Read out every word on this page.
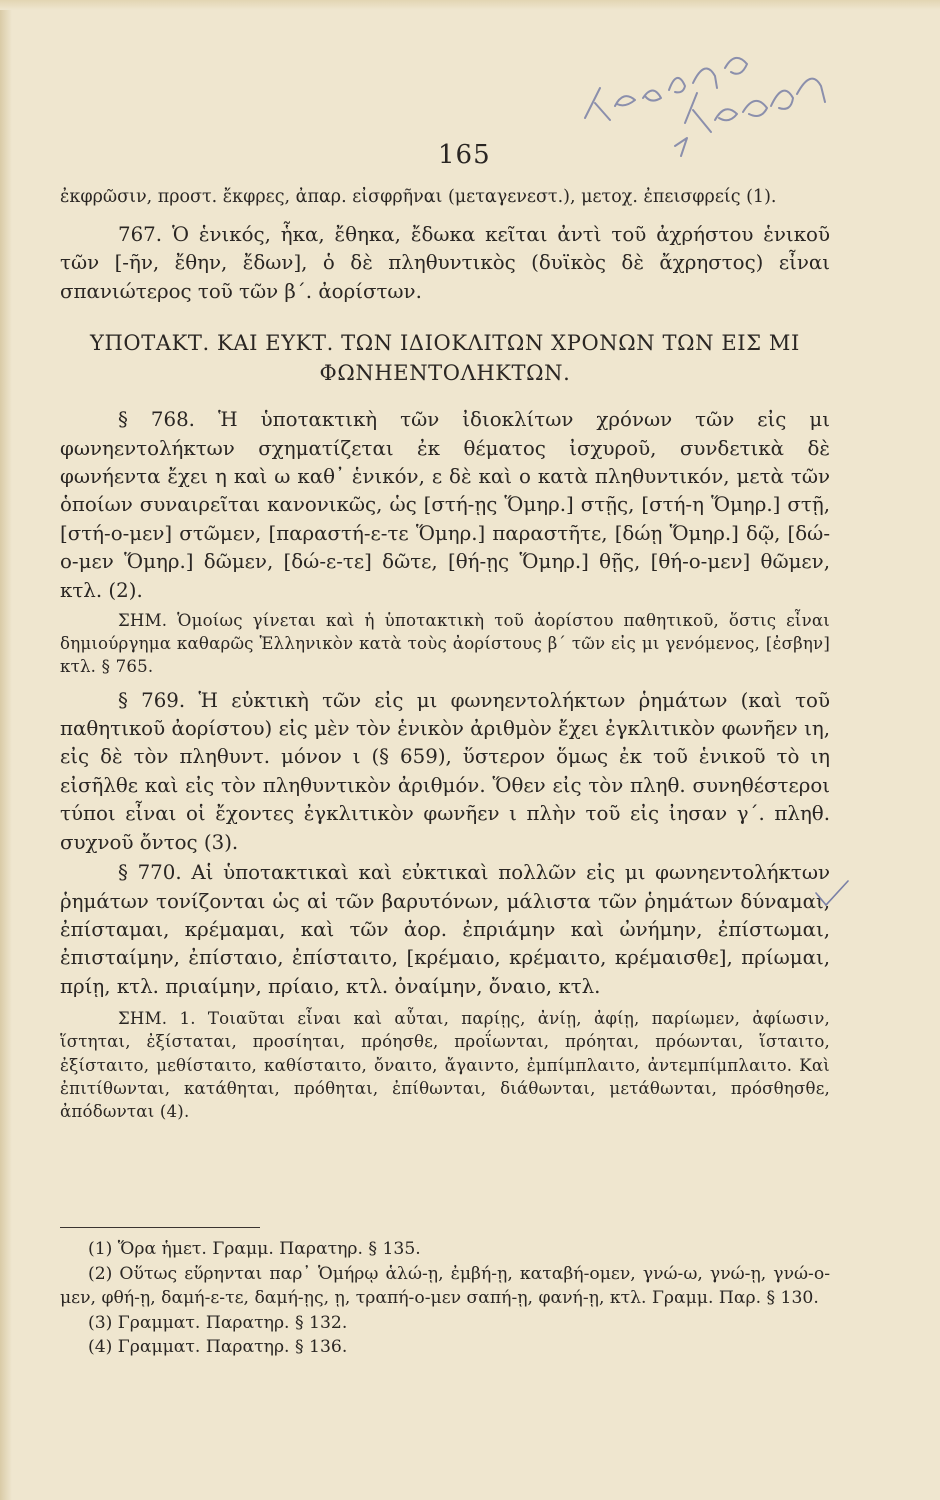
165

ἐκφρῶσιν, προστ. ἔκφρες, ἀπαρ. εἰσφρῆναι (μεταγενεστ.), μετοχ. ἐπεισφρείς (1).

767. Ὁ ἑνικός, ἧκα, ἔθηκα, ἔδωκα κεῖται ἀντὶ τοῦ ἀχρήστου ἑνικοῦ τῶν [-ῆν, ἔθην, ἔδων], ὁ δὲ πληθυντικὸς (δυϊκὸς δὲ ἄχρηστος) εἶναι σπανιώτερος τοῦ τῶν β΄. ἀορίστων.

ΥΠΟΤΑΚΤ. ΚΑΙ ΕΥΚΤ. ΤΩΝ ΙΔΙΟΚΛΙΤΩΝ ΧΡΟΝΩΝ ΤΩΝ ΕΙΣ ΜΙ ΦΩΝΗΕΝΤΟΛΗΚΤΩΝ.

§ 768. Ἡ ὑποτακτικὴ τῶν ἰδιοκλίτων χρόνων τῶν εἰς μι φωνηεντολήκτων σχηματίζεται ἐκ θέματος ἰσχυροῦ, συνδετικὰ δὲ φωνήεντα ἔχει η καὶ ω καθ᾽ ἑνικόν, ε δὲ καὶ ο κατὰ πληθυντικόν, μετὰ τῶν ὁποίων συναιρεῖται κανονικῶς, ὡς [στή-ῃς Ὅμηρ.] στῇς, [στή-η Ὅμηρ.] στῇ, [στή-ο-μεν] στῶμεν, [παραστή-ε-τε Ὅμηρ.] παραστῆτε, [δώῃ Ὅμηρ.] δῷ, [δώ-ο-μεν Ὅμηρ.] δῶμεν, [δώ-ε-τε] δῶτε, [θή-ῃς Ὅμηρ.] θῇς, [θή-ο-μεν] θῶμεν, κτλ. (2).

ΣΗΜ. Ὁμοίως γίνεται καὶ ἡ ὑποτακτικὴ τοῦ ἀορίστου παθητικοῦ, ὅστις εἶναι δημιούργημα καθαρῶς Ἑλληνικὸν κατὰ τοὺς ἀορίστους β΄ τῶν εἰς μι γενόμενος, [ἐσβην] κτλ. § 765.

§ 769. Ἡ εὐκτικὴ τῶν εἰς μι φωνηεντολήκτων ῥημάτων (καὶ τοῦ παθητικοῦ ἀορίστου) εἰς μὲν τὸν ἑνικὸν ἀριθμὸν ἔχει ἐγκλιτικὸν φωνῆεν ιη, εἰς δὲ τὸν πληθυντ. μόνον ι (§ 659), ὕστερον ὅμως ἐκ τοῦ ἑνικοῦ τὸ ιη εἰσῆλθε καὶ εἰς τὸν πληθυντικὸν ἀριθμόν. Ὅθεν εἰς τὸν πληθ. συνηθέστεροι τύποι εἶναι οἱ ἔχοντες ἐγκλιτικὸν φωνῆεν ι πλὴν τοῦ εἰς ἰησαν γ΄. πληθ. συχνοῦ ὄντος (3).

§ 770. Αἱ ὑποτακτικαὶ καὶ εὐκτικαὶ πολλῶν εἰς μι φωνηεντολήκτων ῥημάτων τονίζονται ὡς αἱ τῶν βαρυτόνων, μάλιστα τῶν ῥημάτων δύναμαι, ἐπίσταμαι, κρέμαμαι, καὶ τῶν ἀορ. ἐπριάμην καὶ ὠνήμην, ἐπίστωμαι, ἐπισταίμην, ἐπίσταιο, ἐπίσταιτο, [κρέμαιο, κρέμαιτο, κρέμαισθε], πρίωμαι, πρίῃ, κτλ. πριαίμην, πρίαιο, κτλ. ὀναίμην, ὄναιο, κτλ.

ΣΗΜ. 1. Τοιαῦται εἶναι καὶ αὗται, παρίῃς, ἀνίῃ, ἀφίῃ, παρίωμεν, ἀφίωσιν, ἵστηται, ἐξίσταται, προσίηται, πρόησθε, προΐωνται, πρόηται, πρόωνται, ἵσταιτο, ἐξίσταιτο, μεθίσταιτο, καθίσταιτο, ὄναιτο, ἄγαιντο, ἐμπίμπλαιτο, ἀντεμπίμπλαιτο. Καὶ ἐπιτίθωνται, κατάθηται, πρόθηται, ἐπίθωνται, διάθωνται, μετάθωνται, πρόσθησθε, ἀπόδωνται (4).

(1) Ὅρα ἡμετ. Γραμμ. Παρατηρ. § 135.

(2) Οὕτως εὕρηνται παρ᾽ Ὁμήρῳ ἁλώ-ῃ, ἐμβή-ῃ, καταβή-ομεν, γνώ-ω, γνώ-ῃ, γνώ-ο-μεν, φθή-ῃ, δαμή-ε-τε, δαμή-ῃς, ῃ, τραπή-ο-μεν σαπή-ῃ, φανή-ῃ, κτλ. Γραμμ. Παρ. § 130.

(3) Γραμματ. Παρατηρ. § 132.

(4) Γραμματ. Παρατηρ. § 136.
